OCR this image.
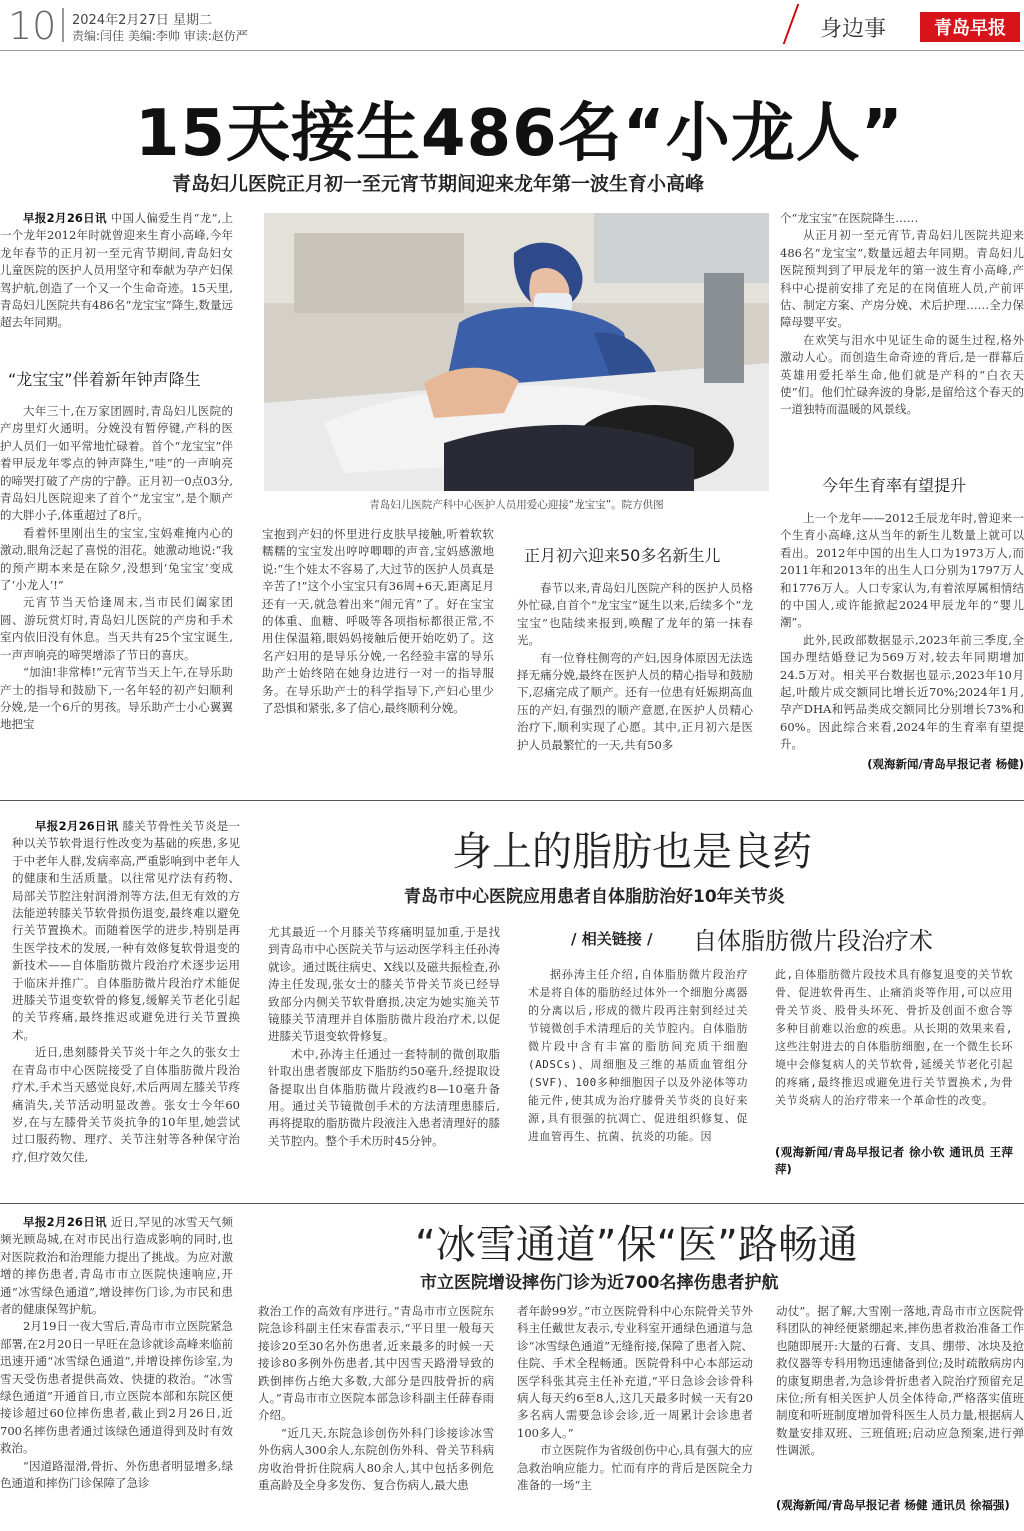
10 2024年2月27日 星期二
责编:闫佳 美编:李帅 审读:赵仿严	身边事	青岛早报
15天接生486名“小龙人”
青岛妇儿医院正月初一至元宵节期间迎来龙年第一波生育小高峰

早报2月26日讯 中国人偏爱生肖“龙”,上一个龙年2012年时就曾迎来生育小高峰,今年龙年春节的正月初一至元宵节期间,青岛妇女儿童医院的医护人员用坚守和奉献为孕产妇保驾护航,创造了一个又一个生命奇迹。15天里,青岛妇儿医院共有486名“龙宝宝”降生,数量远超去年同期。

“龙宝宝”伴着新年钟声降生

大年三十,在万家团圆时,青岛妇儿医院的产房里灯火通明。分娩没有暂停键,产科的医护人员们一如平常地忙碌着。首个“龙宝宝”伴着甲辰龙年零点的钟声降生,“哇”的一声响亮的啼哭打破了产房的宁静。正月初一0点03分,青岛妇儿医院迎来了首个“龙宝宝”,是个顺产的大胖小子,体重超过了8斤。

看着怀里刚出生的宝宝,宝妈难掩内心的激动,眼角泛起了喜悦的泪花。她激动地说:“我的预产期本来是在除夕,没想到‘兔宝宝’变成了‘小龙人’!”

元宵节当天恰逢周末,当市民们阖家团圆、游玩赏灯时,青岛妇儿医院的产房和手术室内依旧没有休息。当天共有25个宝宝诞生,一声声响亮的啼哭增添了节日的喜庆。

“加油!非常棒!”元宵节当天上午,在导乐助产士的指导和鼓励下,一名年轻的初产妇顺利分娩,是一个6斤的男孩。导乐助产士小心翼翼地把宝

青岛妇儿医院产科中心医护人员用爱心迎接“龙宝宝”。院方供图

宝抱到产妇的怀里进行皮肤早接触,听着软软糯糯的宝宝发出哼哼唧唧的声音,宝妈感激地说:“生个娃太不容易了,大过节的医护人员真是辛苦了!”这个小宝宝只有36周+6天,距离足月还有一天,就急着出来“闹元宵”了。好在宝宝的体重、血糖、呼吸等各项指标都很正常,不用住保温箱,眼妈妈接触后便开始吃奶了。这名产妇用的是导乐分娩,一名经验丰富的导乐助产士始终陪在她身边进行一对一的指导服务。在导乐助产士的科学指导下,产妇心里少了恐惧和紧张,多了信心,最终顺利分娩。

正月初六迎来50多名新生儿

春节以来,青岛妇儿医院产科的医护人员格外忙碌,自首个“龙宝宝”诞生以来,后续多个“龙宝宝”也陆续来报到,唤醒了龙年的第一抹春光。

有一位脊柱侧弯的产妇,因身体原因无法选择无痛分娩,最终在医护人员的精心指导和鼓励下,忍痛完成了顺产。还有一位患有妊娠期高血压的产妇,有强烈的顺产意愿,在医护人员精心治疗下,顺利实现了心愿。其中,正月初六是医护人员最繁忙的一天,共有50多

个“龙宝宝”在医院降生……

从正月初一至元宵节,青岛妇儿医院共迎来486名“龙宝宝”,数量远超去年同期。青岛妇儿医院预判到了甲辰龙年的第一波生育小高峰,产科中心提前安排了充足的在岗值班人员,产前评估、制定方案、产房分娩、术后护理……全力保障母婴平安。

在欢笑与泪水中见证生命的诞生过程,格外激动人心。而创造生命奇迹的背后,是一群幕后英雄用爱托举生命,他们就是产科的“白衣天使”们。他们忙碌奔波的身影,是留给这个春天的一道独特而温暖的风景线。

今年生育率有望提升

上一个龙年——2012壬辰龙年时,曾迎来一个生育小高峰,这从当年的新生儿数量上就可以看出。2012年中国的出生人口为1973万人,而2011年和2013年的出生人口分别为1797万人和1776万人。人口专家认为,有着浓厚属相情结的中国人,或许能掀起2024甲辰龙年的“婴儿潮”。

此外,民政部数据显示,2023年前三季度,全国办理结婚登记为569万对,较去年同期增加24.5万对。相关平台数据也显示,2023年10月起,叶酸片成交额同比增长近70%;2024年1月,孕产DHA和钙品类成交额同比分别增长73%和60%。因此综合来看,2024年的生育率有望提升。

(观海新闻/青岛早报记者 杨健)
身上的脂肪也是良药
青岛市中心医院应用患者自体脂肪治好10年关节炎

早报2月26日讯 膝关节骨性关节炎是一种以关节软骨退行性改变为基础的疾患,多见于中老年人群,发病率高,严重影响到中老年人的健康和生活质量。以往常见疗法有药物、局部关节腔注射润滑剂等方法,但无有效的方法能逆转膝关节软骨损伤退变,最终难以避免行关节置换术。而随着医学的进步,特别是再生医学技术的发展,一种有效修复软骨退变的新技术——自体脂肪微片段治疗术逐步运用于临床并推广。自体脂肪微片段治疗术能促进膝关节退变软骨的修复,缓解关节老化引起的关节疼痛,最终推迟或避免进行关节置换术。

近日,患刻膝骨关节炎十年之久的张女士在青岛市中心医院接受了自体脂肪微片段治疗术,手术当天感觉良好,术后两周左膝关节疼痛消失,关节活动明显改善。张女士今年60岁,在与左膝骨关节炎抗争的10年里,她尝试过口服药物、理疗、关节注射等各种保守治疗,但疗效欠佳,

尤其最近一个月膝关节疼痛明显加重,于是找到青岛市中心医院关节与运动医学科主任孙涛就诊。通过既往病史、X线以及磁共振检查,孙涛主任发现,张女士的膝关节骨关节炎已经导致部分内侧关节软骨磨损,决定为她实施关节镜膝关节清理并自体脂肪微片段治疗术,以促进膝关节退变软骨修复。

术中,孙涛主任通过一套特制的微创取脂针取出患者腹部皮下脂肪约50毫升,经提取设备提取出自体脂肪微片段液约8—10毫升备用。通过关节镜微创手术的方法清理患膝后,再将提取的脂肪微片段液注入患者清理好的膝关节腔内。整个手术历时45分钟。

/ 相关链接 / 自体脂肪微片段治疗术

据孙涛主任介绍,自体脂肪微片段治疗术是将自体的脂肪经过体外一个细胞分离器的分离以后,形成的微片段再注射到经过关节镜微创手术清理后的关节腔内。自体脂肪微片段中含有丰富的脂肪间充质干细胞(ADSCs)、周细胞及三维的基质血管组分(SVF)、100多种细胞因子以及外泌体等功能元件,使其成为治疗膝骨关节炎的良好来源,具有很强的抗凋亡、促进组织修复、促进血管再生、抗菌、抗炎的功能。因

此,自体脂肪微片段技术具有修复退变的关节软骨、促进软骨再生、止痛消炎等作用,可以应用骨关节炎、股骨头坏死、骨折及创面不愈合等多种目前难以治愈的疾患。从长期的效果来看,这些注射进去的自体脂肪细胞,在一个微生长环境中会修复病人的关节软骨,延缓关节老化引起的疼痛,最终推迟或避免进行关节置换术,为骨关节炎病人的治疗带来一个革命性的改变。

(观海新闻/青岛早报记者 徐小钦 通讯员 王萍萍)
“冰雪通道”保“医”路畅通
市立医院增设摔伤门诊为近700名摔伤患者护航

早报2月26日讯 近日,罕见的冰雪天气频频光顾岛城,在对市民出行造成影响的同时,也对医院救治和治理能力提出了挑战。为应对激增的摔伤患者,青岛市市立医院快速响应,开通“冰雪绿色通道”,增设摔伤门诊,为市民和患者的健康保驾护航。

2月19日一夜大雪后,青岛市市立医院紧急部署,在2月20日一早旺在急诊就诊高峰来临前迅速开通“冰雪绿色通道”,并增设摔伤诊室,为雪天受伤患者提供高效、快捷的救治。“冰雪绿色通道”开通首日,市立医院本部和东院区便接诊超过60位摔伤患者,截止到2月26日,近700名摔伤患者通过该绿色通道得到及时有效救治。

“因道路湿滑,骨折、外伤患者明显增多,绿色通道和摔伤门诊保障了急诊

救治工作的高效有序进行。”青岛市市立医院东院急诊科副主任宋春雷表示,“平日里一般每天接诊20至30名外伤患者,近来最多的时候一天接诊80多例外伤患者,其中因雪天路滑导致的跌倒摔伤占绝大多数,大部分是四肢骨折的病人。”青岛市市立医院本部急诊科副主任薛春雨介绍。

“近几天,东院急诊创伤外科门诊接诊冰雪外伤病人300余人,东院创伤外科、骨关节科病房收治骨折住院病人80余人,其中包括多例危重高龄及全身多发伤、复合伤病人,最大患

者年龄99岁。”市立医院骨科中心东院骨关节外科主任戴世友表示,专业科室开通绿色通道与急诊“冰雪绿色通道”无缝衔接,保障了患者入院、住院、手术全程畅通。医院骨科中心本部运动医学科张其亮主任补充道,“平日急诊会诊骨科病人每天约6至8人,这几天最多时候一天有20多名病人需要急诊会诊,近一周累计会诊患者100多人。”

市立医院作为省级创伤中心,具有强大的应急救治响应能力。忙而有序的背后是医院全力准备的一场“主

动仗”。据了解,大雪刚一落地,青岛市市立医院骨科团队的神经便紧绷起来,摔伤患者救治准备工作也随即展开:大量的石膏、支具、绷带、冰块及抢救仪器等专科用物迅速储备到位;及时疏散病房内的康复期患者,为急诊骨折患者入院治疗预留充足床位;所有相关医护人员全体待命,严格落实值班制度和听班制度增加骨科医生人员力量,根据病人数量安排双班、三班值班;启动应急预案,进行弹性调派。

(观海新闻/青岛早报记者 杨健 通讯员 徐福强)
